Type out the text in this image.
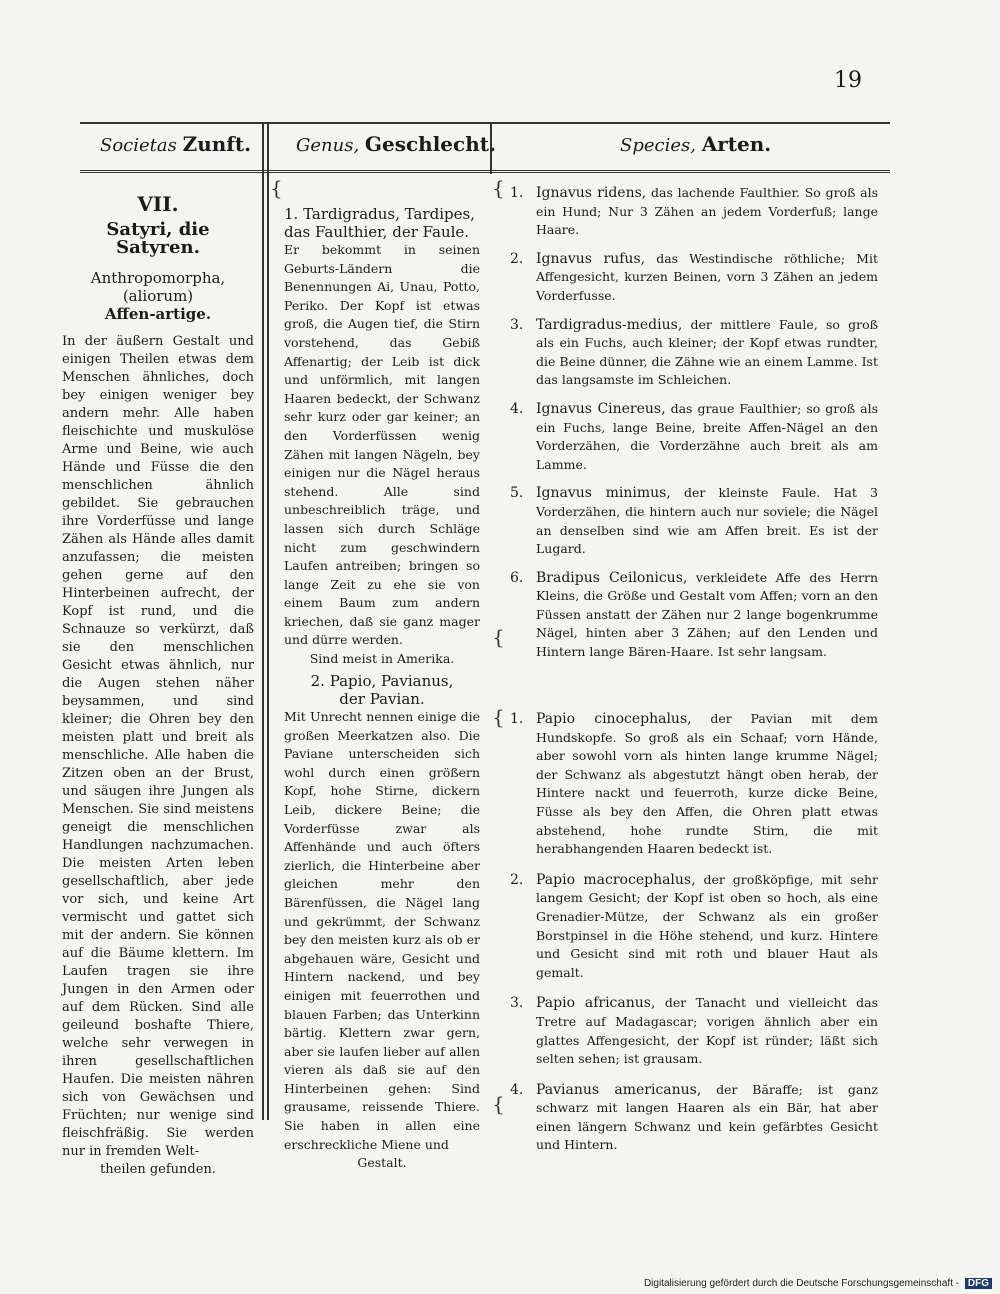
19
Societas Zunft. Genus, Geschlecht.	Species, Arten.
VII.
Satyri, die Satyren.
Anthropomorpha,
(aliorum)
Affen-artige.
In der äußern Gestalt und einigen Theilen etwas dem Menschen ähnliches, doch bey einigen weniger bey andern mehr. Alle haben fleischichte und muskulöse Arme und Beine, wie auch Hände und Füsse die den menschlichen ähnlich gebildet. Sie gebrauchen ihre Vorderfüsse und lange Zähen als Hände alles damit anzufassen; die meisten gehen gerne auf den Hinterbeinen aufrecht, der Kopf ist rund, und die Schnauze so verkürzt, daß sie den menschlichen Gesicht etwas ähnlich, nur die Augen stehen näher beysammen, und sind kleiner; die Ohren bey den meisten platt und breit als menschliche. Alle haben die Zitzen oben an der Brust, und säugen ihre Jungen als Menschen. Sie sind meistens geneigt die menschlichen Handlungen nachzumachen. Die meisten Arten leben gesellschaftlich, aber jede vor sich, und keine Art vermischt und gattet sich mit der andern. Sie können auf die Bäume klettern. Im Laufen tragen sie ihre Jungen in den Armen oder auf dem Rücken. Sind alle geileund boshafte Thiere, welche sehr verwegen in ihren gesellschaftlichen Haufen. Die meisten nähren sich von Gewächsen und Früchten; nur wenige sind fleischfräßig. Sie werden nur in fremden Welt-
theilen gefunden.
1. Tardigradus, Tardipes,
das Faulthier, der Faule.
Er bekommt in seinen Geburts-Ländern die Benennungen Ai, Unau, Potto, Periko. Der Kopf ist etwas groß, die Augen tief, die Stirn vorstehend, das Gebiß Affenartig; der Leib ist dick und unförmlich, mit langen Haaren bedeckt, der Schwanz sehr kurz oder gar keiner; an den Vorderfüssen wenig Zähen mit langen Nägeln, bey einigen nur die Nägel heraus stehend. Alle sind unbeschreiblich träge, und lassen sich durch Schläge nicht zum geschwindern Laufen antreiben; bringen so lange Zeit zu ehe sie von einem Baum zum andern kriechen, daß sie ganz mager und dürre werden.
Sind meist in Amerika.
2. Papio, Pavianus,
der Pavian.
Mit Unrecht nennen einige die großen Meerkatzen also. Die Paviane unterscheiden sich wohl durch einen größern Kopf, hohe Stirne, dickern Leib, dickere Beine; die Vorderfüsse zwar als Affenhände und auch öfters zierlich, die Hinterbeine aber gleichen mehr den Bärenfüssen, die Nägel lang und gekrümmt, der Schwanz bey den meisten kurz als ob er abgehauen wäre, Gesicht und Hintern nackend, und bey einigen mit feuerrothen und blauen Farben; das Unterkinn bärtig. Klettern zwar gern, aber sie laufen lieber auf allen vieren als daß sie auf den Hinterbeinen gehen: Sind grausame, reissende Thiere. Sie haben in allen eine erschreckliche Miene und
Gestalt.
{	{
{
{
{
1. Ignavus ridens, das lachende Faulthier. So groß als ein Hund; Nur 3 Zähen an jedem Vorderfuß; lange Haare.
2. Ignavus rufus, das Westindische röthliche; Mit Affengesicht, kurzen Beinen, vorn 3 Zähen an jedem Vorderfusse.
3. Tardigradus-medius, der mittlere Faule, so groß als ein Fuchs, auch kleiner; der Kopf etwas rundter, die Beine dünner, die Zähne wie an einem Lamme. Ist das langsamste im Schleichen.
4. Ignavus Cinereus, das graue Faulthier; so groß als ein Fuchs, lange Beine, breite Affen-Nägel an den Vorderzähen, die Vorderzähne auch breit als am Lamme.
5. Ignavus minimus, der kleinste Faule. Hat 3 Vorderzähen, die hintern auch nur soviele; die Nägel an denselben sind wie am Affen breit. Es ist der Lugard.
6. Bradipus Ceilonicus, verkleidete Affe des Herrn Kleins, die Größe und Gestalt vom Affen; vorn an den Füssen anstatt der Zähen nur 2 lange bogenkrumme Nägel, hinten aber 3 Zähen; auf den Lenden und Hintern lange Bären-Haare. Ist sehr langsam.
1. Papio cinocephalus, der Pavian mit dem Hundskopfe. So groß als ein Schaaf; vorn Hände, aber sowohl vorn als hinten lange krumme Nägel; der Schwanz als abgestutzt hängt oben herab, der Hintere nackt und feuerroth, kurze dicke Beine, Füsse als bey den Affen, die Ohren platt etwas abstehend, hohe rundte Stirn, die mit herabhangenden Haaren bedeckt ist.
2. Papio macrocephalus, der großköpfige, mit sehr langem Gesicht; der Kopf ist oben so hoch, als eine Grenadier-Mütze, der Schwanz als ein großer Borstpinsel in die Höhe stehend, und kurz. Hintere und Gesicht sind mit roth und blauer Haut als gemalt.
3. Papio africanus, der Tanacht und vielleicht das Tretre auf Madagascar; vorigen ähnlich aber ein glattes Affengesicht, der Kopf ist ründer; läßt sich selten sehen; ist grausam.
4. Pavianus americanus, der Băraffe; ist ganz schwarz mit langen Haaren als ein Bär, hat aber einen längern Schwanz und kein gefärbtes Gesicht und Hintern.
Digitalisierung gefördert durch die Deutsche Forschungsgemeinschaft - DFG
